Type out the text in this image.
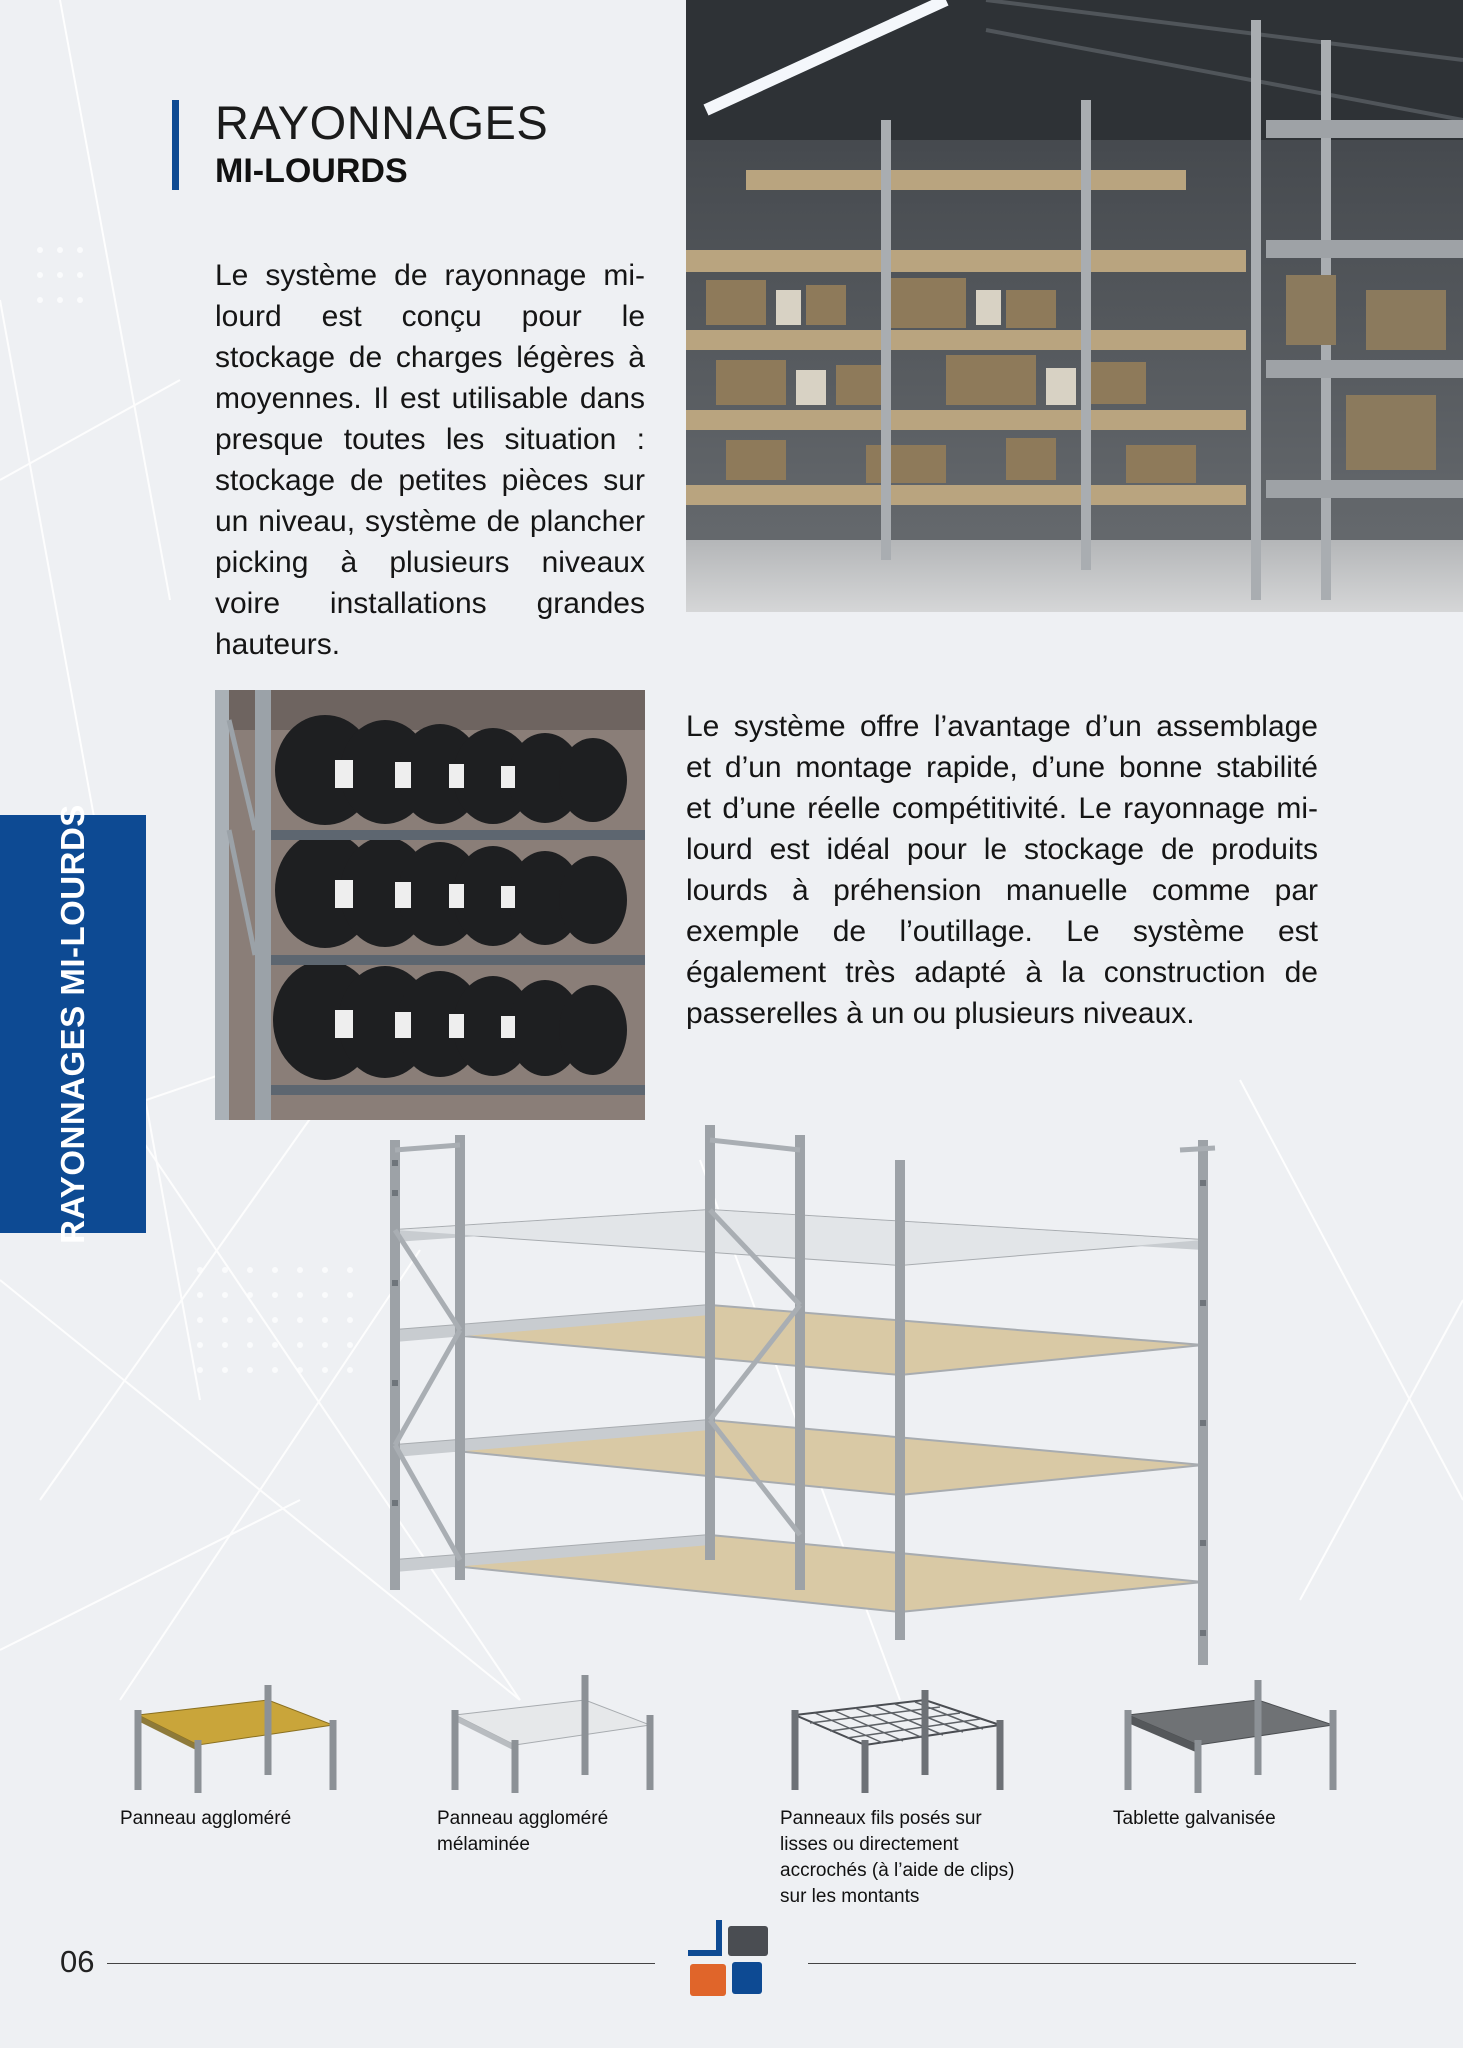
RAYONNAGES
MI-LOURDS
Le système de rayonnage mi-lourd est conçu pour le stockage de charges légères à moyennes. Il est utilisable dans presque toutes les situation : stockage de petites pièces sur un niveau, système de plancher picking à plusieurs niveaux voire installations grandes hauteurs.
RAYONNAGES MI-LOURDS
Le système offre l’avantage d’un assemblage et d’un montage rapide, d’une bonne stabilité et d’une réelle compétitivité. Le rayonnage mi-lourd est idéal pour le stockage de produits lourds à préhension manuelle comme par exemple de l’outillage. Le système est également très adapté à la construction de passerelles à un ou plusieurs niveaux.
Panneau aggloméré	Panneau aggloméré mélaminée
Panneaux fils posés sur lisses ou directement accrochés (à l’aide de clips) sur les montants
Tablette galvanisée
06
